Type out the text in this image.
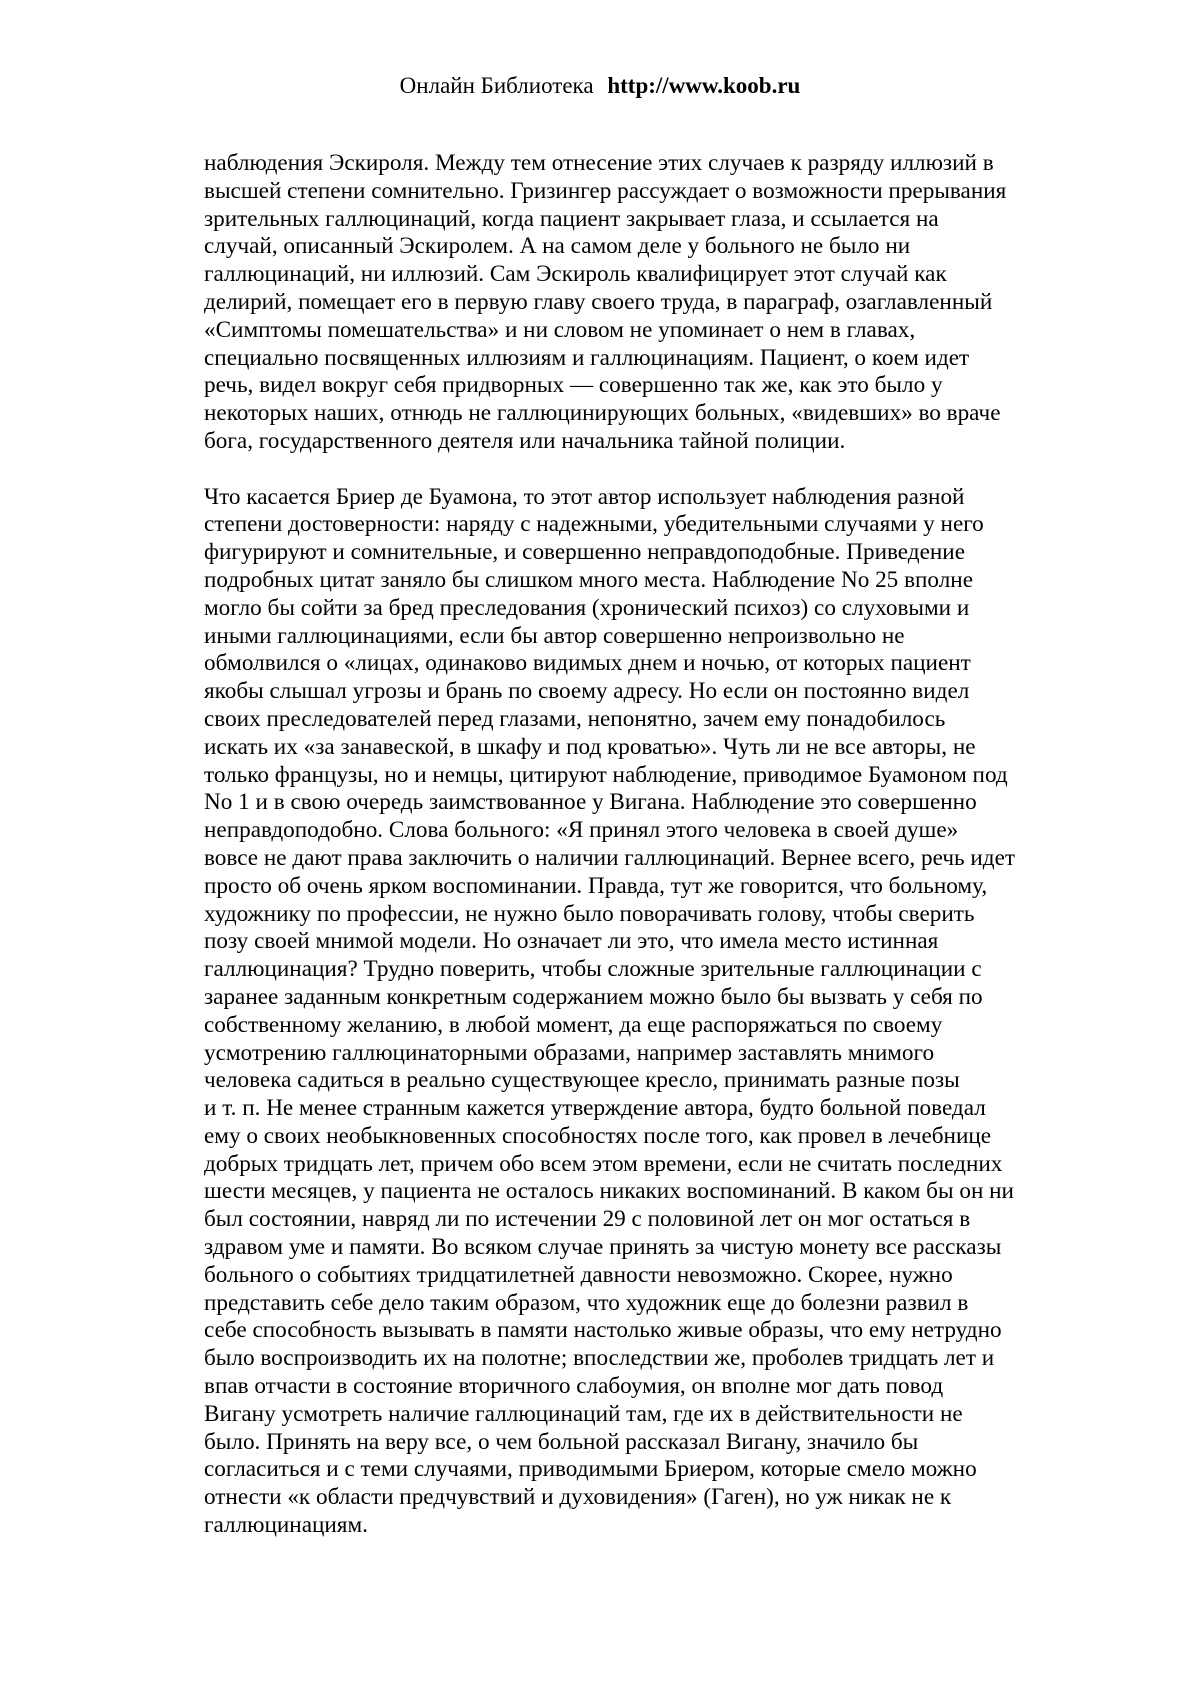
Онлайн Библиотека http://www.koob.ru
наблюдения Эскироля. Между тем отнесение этих случаев к разряду иллюзий в
высшей степени сомнительно. Гризингер рассуждает о возможности прерывания
зрительных галлюцинаций, когда пациент закрывает глаза, и ссылается на
случай, описанный Эскиролем. А на самом деле у больного не было ни
галлюцинаций, ни иллюзий. Сам Эскироль квалифицирует этот случай как
делирий, помещает его в первую главу своего труда, в параграф, озаглавленный
«Симптомы помешательства» и ни словом не упоминает о нем в главах,
специально посвященных иллюзиям и галлюцинациям. Пациент, о коем идет
речь, видел вокруг себя придворных — совершенно так же, как это было у
некоторых наших, отнюдь не галлюцинирующих больных, «видевших» во враче
бога, государственного деятеля или начальника тайной полиции.
Что касается Бриер де Буамона, то этот автор использует наблюдения разной
степени достоверности: наряду с надежными, убедительными случаями у него
фигурируют и сомнительные, и совершенно неправдоподобные. Приведение
подробных цитат заняло бы слишком много места. Наблюдение No 25 вполне
могло бы сойти за бред преследования (хронический психоз) со слуховыми и
иными галлюцинациями, если бы автор совершенно непроизвольно не
обмолвился о «лицах, одинаково видимых днем и ночью, от которых пациент
якобы слышал угрозы и брань по своему адресу. Но если он постоянно видел
своих преследователей перед глазами, непонятно, зачем ему понадобилось
искать их «за занавеской, в шкафу и под кроватью». Чуть ли не все авторы, не
только французы, но и немцы, цитируют наблюдение, приводимое Буамоном под
No 1 и в свою очередь заимствованное у Вигана. Наблюдение это совершенно
неправдоподобно. Слова больного: «Я принял этого человека в своей душе»
вовсе не дают права заключить о наличии галлюцинаций. Вернее всего, речь идет
просто об очень ярком воспоминании. Правда, тут же говорится, что больному,
художнику по профессии, не нужно было поворачивать голову, чтобы сверить
позу своей мнимой модели. Но означает ли это, что имела место истинная
галлюцинация? Трудно поверить, чтобы сложные зрительные галлюцинации с
заранее заданным конкретным содержанием можно было бы вызвать у себя по
собственному желанию, в любой момент, да еще распоряжаться по своему
усмотрению галлюцинаторными образами, например заставлять мнимого
человека садиться в реально существующее кресло, принимать разные позы
и т. п. Не менее странным кажется утверждение автора, будто больной поведал
ему о своих необыкновенных способностях после того, как провел в лечебнице
добрых тридцать лет, причем обо всем этом времени, если не считать последних
шести месяцев, у пациента не осталось никаких воспоминаний. В каком бы он ни
был состоянии, навряд ли по истечении 29 с половиной лет он мог остаться в
здравом уме и памяти. Во всяком случае принять за чистую монету все рассказы
больного о событиях тридцатилетней давности невозможно. Скорее, нужно
представить себе дело таким образом, что художник еще до болезни развил в
себе способность вызывать в памяти настолько живые образы, что ему нетрудно
было воспроизводить их на полотне; впоследствии же, проболев тридцать лет и
впав отчасти в состояние вторичного слабоумия, он вполне мог дать повод
Вигану усмотреть наличие галлюцинаций там, где их в действительности не
было. Принять на веру все, о чем больной рассказал Вигану, значило бы
согласиться и с теми случаями, приводимыми Бриером, которые смело можно
отнести «к области предчувствий и духовидения» (Гаген), но уж никак не к
галлюцинациям.
